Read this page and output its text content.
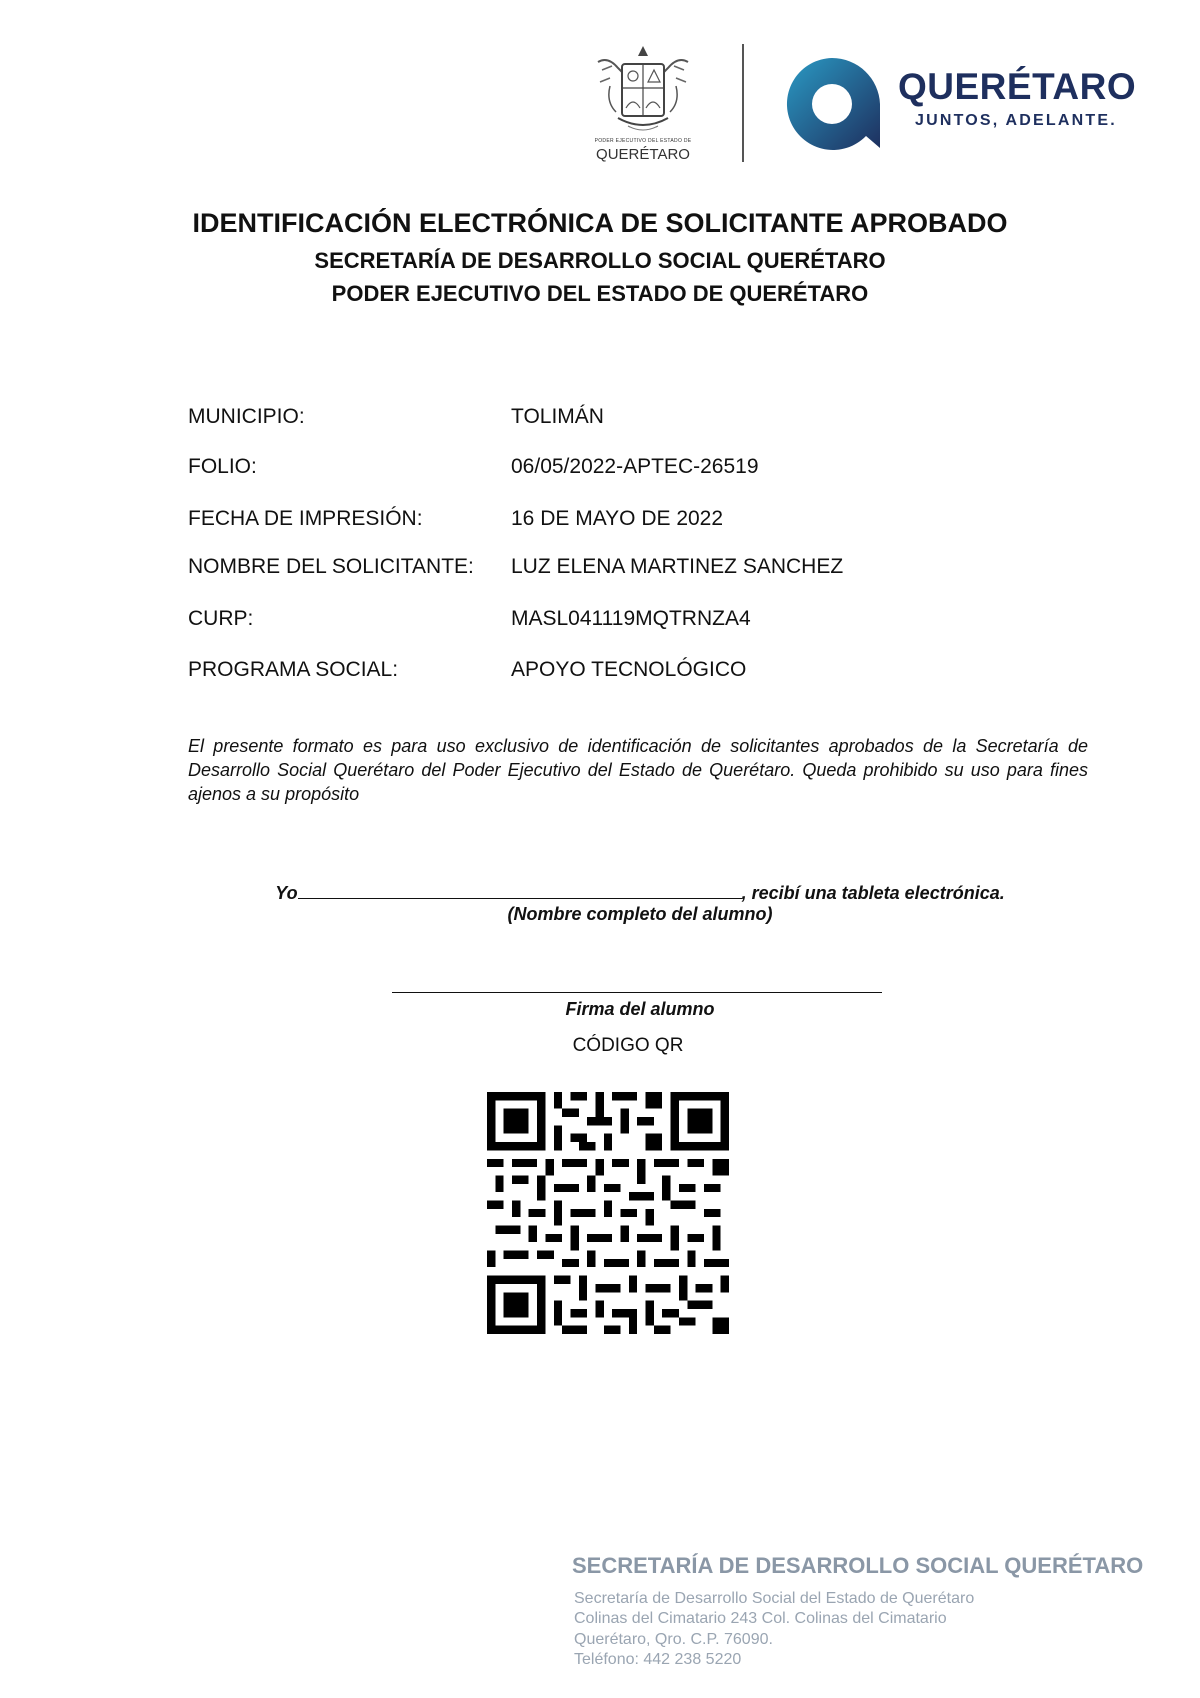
PODER EJECUTIVO DEL ESTADO DE
QUERÉTARO
QUERÉTARO
JUNTOS, ADELANTE.
IDENTIFICACIÓN ELECTRÓNICA DE SOLICITANTE APROBADO
SECRETARÍA DE DESARROLLO SOCIAL QUERÉTARO
PODER EJECUTIVO DEL ESTADO DE QUERÉTARO
MUNICIPIO:	TOLIMÁN
FOLIO:	06/05/2022-APTEC-26519
FECHA DE IMPRESIÓN:	16 DE MAYO DE 2022
NOMBRE DEL SOLICITANTE: LUZ ELENA MARTINEZ SANCHEZ
CURP:	MASL041119MQTRNZA4
PROGRAMA SOCIAL:	APOYO TECNOLÓGICO
El presente formato es para uso exclusivo de identificación de solicitantes aprobados de la Secretaría de Desarrollo Social Querétaro del Poder Ejecutivo del Estado de Querétaro. Queda prohibido su uso para fines ajenos a su propósito
Yo	, recibí una tableta electrónica.
(Nombre completo del alumno)
Firma del alumno
CÓDIGO QR
SECRETARÍA DE DESARROLLO SOCIAL QUERÉTARO
Secretaría de Desarrollo Social del Estado de Querétaro
Colinas del Cimatario 243 Col. Colinas del Cimatario
Querétaro, Qro. C.P. 76090.
Teléfono: 442 238 5220
